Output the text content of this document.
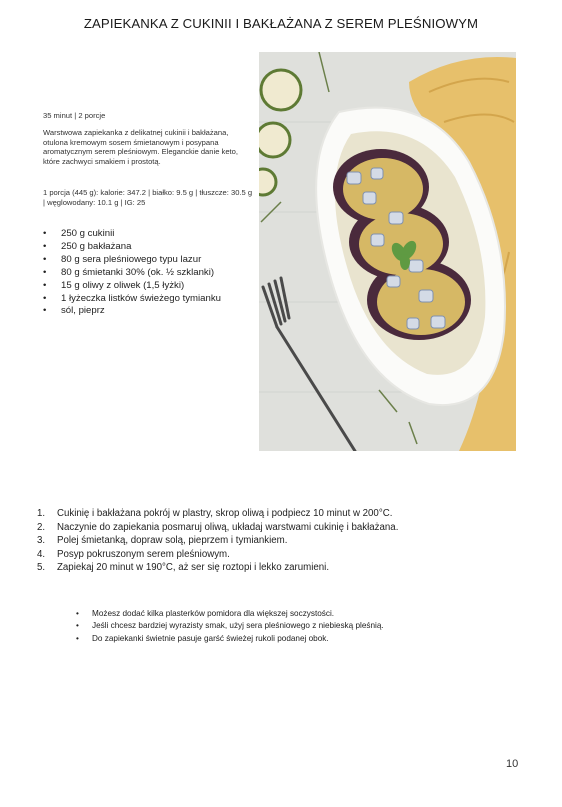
ZAPIEKANKA Z CUKINII I BAKŁAŻANA Z SEREM PLEŚNIOWYM
35 minut | 2 porcje
Warstwowa zapiekanka z delikatnej cukinii i bakłażana, otulona kremowym sosem śmietanowym i posypana aromatycznym serem pleśniowym. Eleganckie danie keto, które zachwyci smakiem i prostotą.
1 porcja (445 g): kalorie: 347.2 | białko: 9.5 g | tłuszcze: 30.5 g | węglowodany: 10.1 g | IG: 25
•	250 g cukinii
•	250 g bakłażana
•	80 g sera pleśniowego typu lazur
•	80 g śmietanki 30% (ok. ½ szklanki)
•	15 g oliwy z oliwek (1,5 łyżki)
•	1 łyżeczka listków świeżego tymianku
•	sól, pieprz
1.	Cukinię i bakłażana pokrój w plastry, skrop oliwą i podpiecz 10 minut w 200°C.
2.	Naczynie do zapiekania posmaruj oliwą, układaj warstwami cukinię i bakłażana.
3.	Polej śmietanką, dopraw solą, pieprzem i tymiankiem.
4.	Posyp pokruszonym serem pleśniowym.
5.	Zapiekaj 20 minut w 190°C, aż ser się roztopi i lekko zarumieni.
•	Możesz dodać kilka plasterków pomidora dla większej soczystości.
•	Jeśli chcesz bardziej wyrazisty smak, użyj sera pleśniowego z niebieską pleśnią.
•	Do zapiekanki świetnie pasuje garść świeżej rukoli podanej obok.
10
